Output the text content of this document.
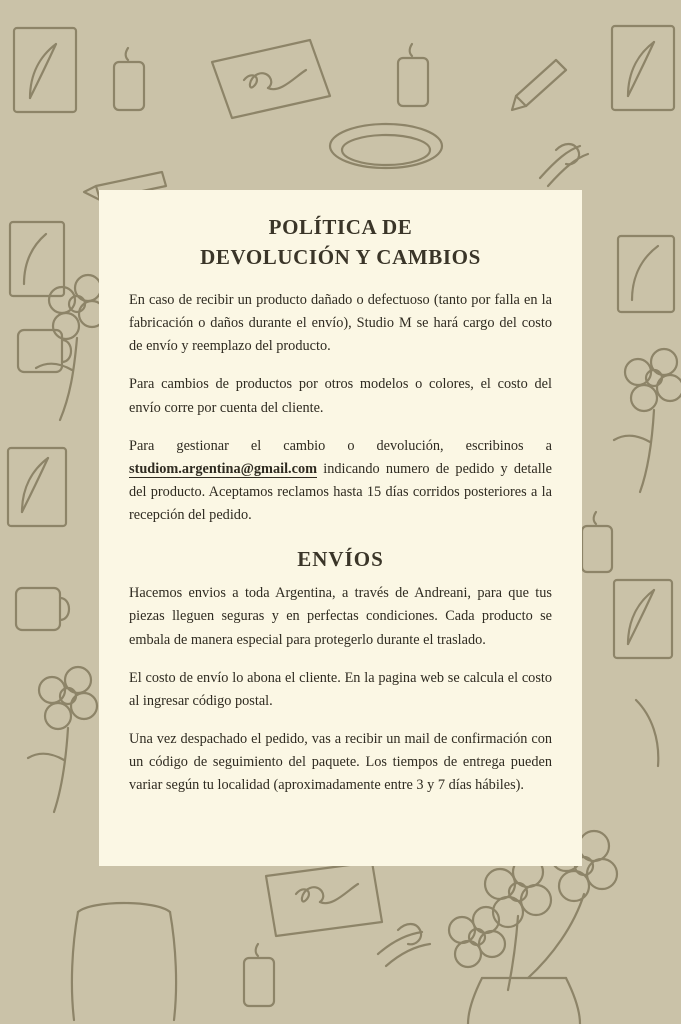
POLÍTICA DE
DEVOLUCIÓN Y CAMBIOS

En caso de recibir un producto dañado o defectuoso (tanto por falla en la fabricación o daños durante el envío), Studio M se hará cargo del costo de envío y reemplazo del producto.

Para cambios de productos por otros modelos o colores, el costo del envío corre por cuenta del cliente.

Para gestionar el cambio o devolución, escribinos a studiom.argentina@gmail.com indicando numero de pedido y detalle del producto. Aceptamos reclamos hasta 15 días corridos posteriores a la recepción del pedido.

ENVÍOS

Hacemos envios a toda Argentina, a través de Andreani, para que tus piezas lleguen seguras y en perfectas condiciones. Cada producto se embala de manera especial para protegerlo durante el traslado.

El costo de envío lo abona el cliente. En la pagina web se calcula el costo al ingresar código postal.

Una vez despachado el pedido, vas a recibir un mail de confirmación con un código de seguimiento del paquete. Los tiempos de entrega pueden variar según tu localidad (aproximadamente entre 3 y 7 días hábiles).
